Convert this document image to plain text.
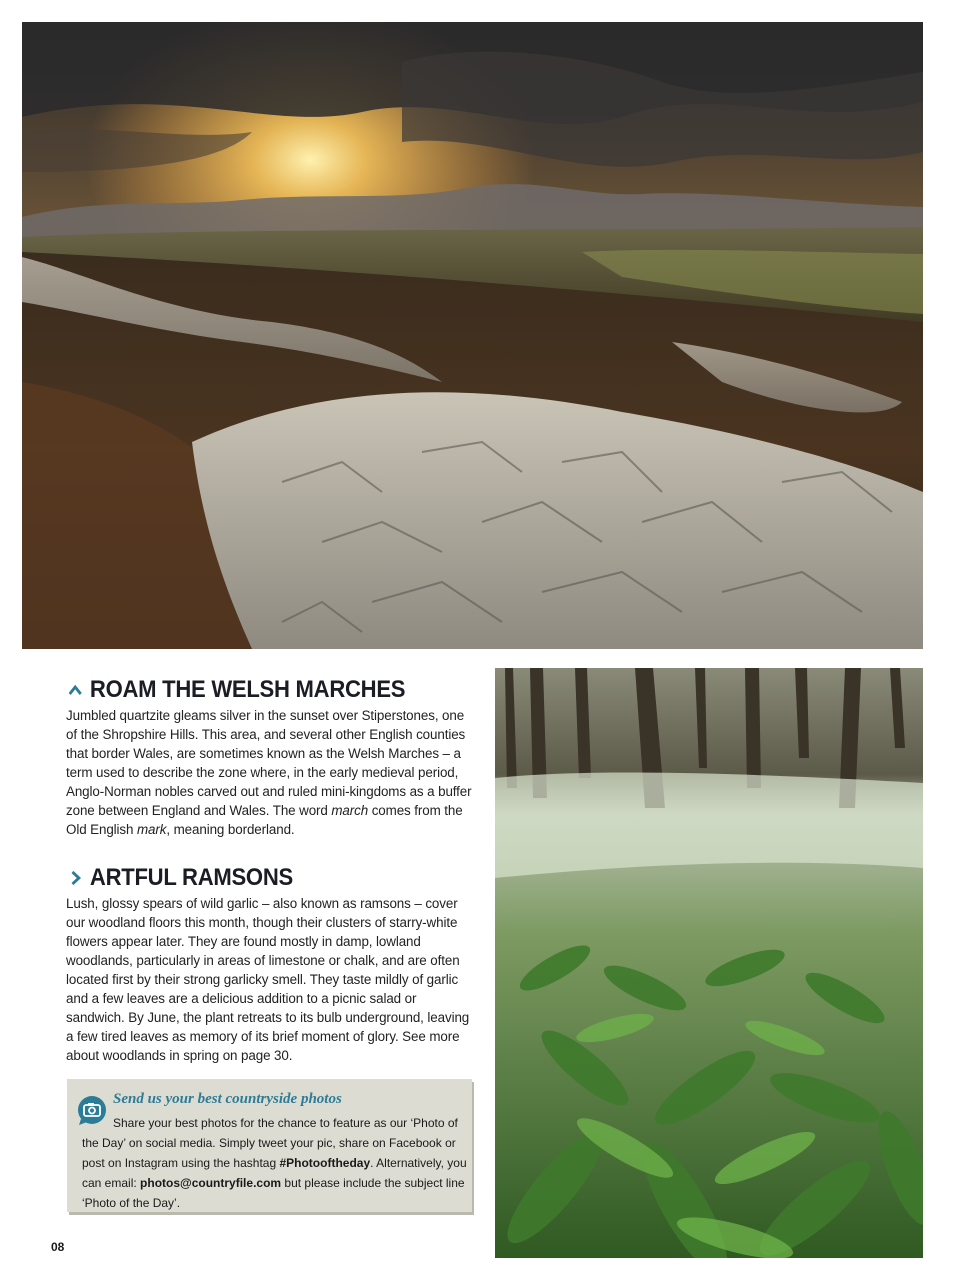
ROAM THE WELSH MARCHES

Jumbled quartzite gleams silver in the sunset over Stiperstones, one of the Shropshire Hills. This area, and several other English counties that border Wales, are sometimes known as the Welsh Marches – a term used to describe the zone where, in the early medieval period, Anglo-Norman nobles carved out and ruled mini-kingdoms as a buffer zone between England and Wales. The word march comes from the Old English mark, meaning borderland.

ARTFUL RAMSONS

Lush, glossy spears of wild garlic – also known as ramsons – cover our woodland floors this month, though their clusters of starry-white flowers appear later. They are found mostly in damp, lowland woodlands, particularly in areas of limestone or chalk, and are often located first by their strong garlicky smell. They taste mildly of garlic and a few leaves are a delicious addition to a picnic salad or sandwich. By June, the plant retreats to its bulb underground, leaving a few tired leaves as memory of its brief moment of glory. See more about woodlands in spring on page 30.

Send us your best countryside photos

Share your best photos for the chance to feature as our ‘Photo of the Day’ on social media. Simply tweet your pic, share on Facebook or post on Instagram using the hashtag #Photooftheday. Alternatively, you can email: photos@countryfile.com but please include the subject line ‘Photo of the Day’.

08
